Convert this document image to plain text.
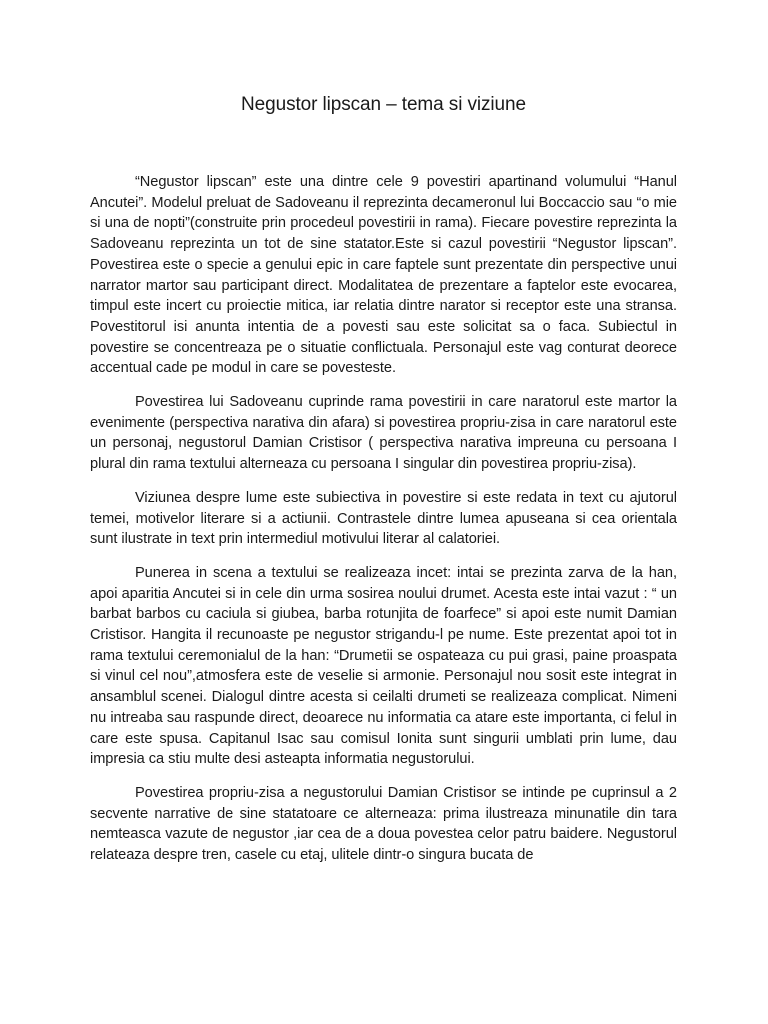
Negustor lipscan – tema si viziune

“Negustor lipscan” este una dintre cele 9 povestiri apartinand volumului “Hanul Ancutei”. Modelul preluat de Sadoveanu il reprezinta decameronul lui Boccaccio sau “o mie si una de nopti”(construite prin procedeul povestirii in rama). Fiecare povestire reprezinta la Sadoveanu reprezinta un tot de sine statator.Este si cazul povestirii “Negustor lipscan”. Povestirea este o specie a genului epic in care faptele sunt prezentate din perspective unui narrator martor sau participant direct. Modalitatea de prezentare a faptelor este evocarea, timpul este incert cu proiectie mitica, iar relatia dintre narator si receptor este una stransa. Povestitorul isi anunta intentia de a povesti sau este solicitat sa o faca. Subiectul in povestire se concentreaza pe o situatie conflictuala. Personajul este vag conturat deorece accentual cade pe modul in care se povesteste.

Povestirea lui Sadoveanu cuprinde rama povestirii in care naratorul este martor la evenimente (perspectiva narativa din afara) si povestirea propriu-zisa in care naratorul este un personaj, negustorul Damian Cristisor ( perspectiva narativa impreuna cu persoana I plural din rama textului alterneaza cu persoana I singular din povestirea propriu-zisa).

Viziunea despre lume este subiectiva in povestire si este redata in text cu ajutorul temei, motivelor literare si a actiunii. Contrastele dintre lumea apuseana si cea orientala sunt ilustrate in text prin intermediul motivului literar al calatoriei.

Punerea in scena a textului se realizeaza incet: intai se prezinta zarva de la han, apoi aparitia Ancutei si in cele din urma sosirea noului drumet. Acesta este intai vazut : “ un barbat barbos cu caciula si giubea, barba rotunjita de foarfece” si apoi este numit Damian Cristisor. Hangita il recunoaste pe negustor strigandu-l pe nume. Este prezentat apoi tot in rama textului ceremonialul de la han: “Drumetii se ospateaza cu pui grasi, paine proaspata si vinul cel nou”,atmosfera este de veselie si armonie. Personajul nou sosit este integrat in ansamblul scenei. Dialogul dintre acesta si ceilalti drumeti se realizeaza complicat. Nimeni nu intreaba sau raspunde direct, deoarece nu informatia ca atare este importanta, ci felul in care este spusa. Capitanul Isac sau comisul Ionita sunt singurii umblati prin lume, dau impresia ca stiu multe desi asteapta informatia negustorului.

Povestirea propriu-zisa a negustorului Damian Cristisor se intinde pe cuprinsul a 2 secvente narrative de sine statatoare ce alterneaza: prima ilustreaza minunatile din tara nemteasca vazute de negustor ,iar cea de a doua povestea celor patru baidere. Negustorul relateaza despre tren, casele cu etaj, ulitele dintr-o singura bucata de
